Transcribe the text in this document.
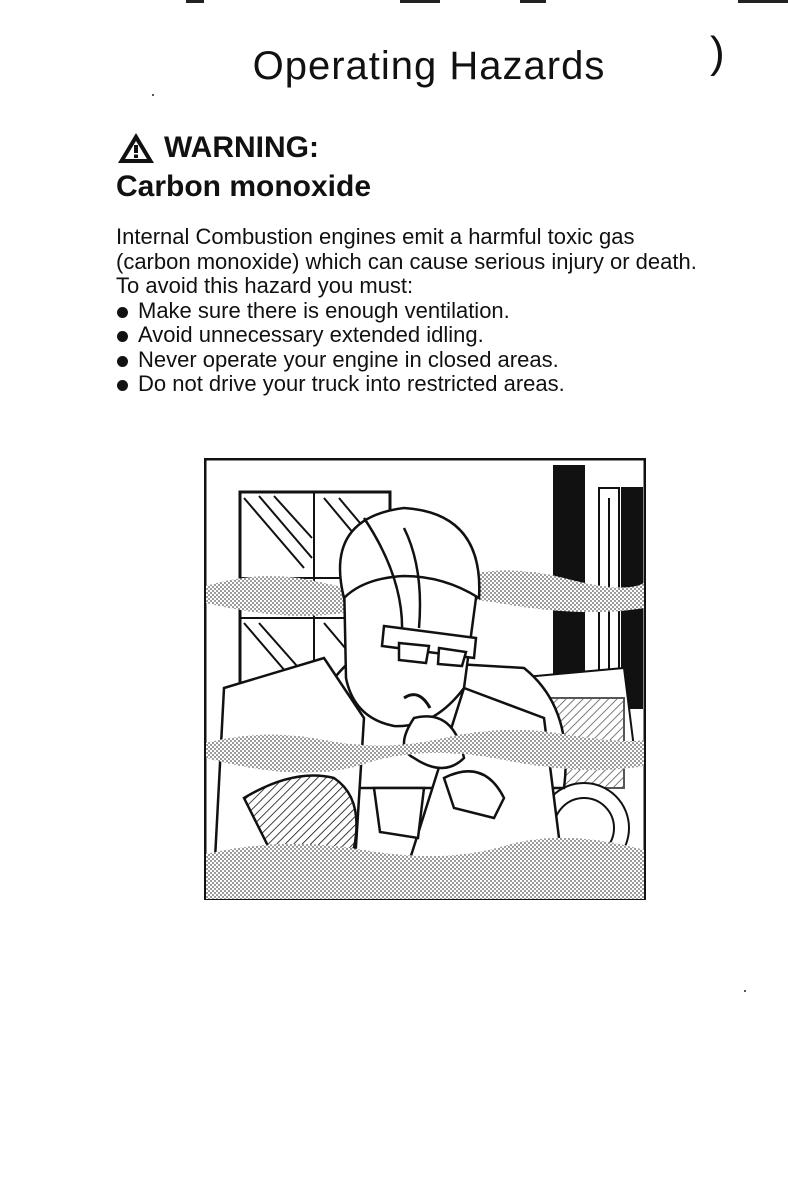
Operating Hazards	)
WARNING:
Carbon monoxide

Internal Combustion engines emit a harmful toxic gas

(carbon monoxide) which can cause serious injury or death.

To avoid this hazard you must:

Make sure there is enough ventilation.
Avoid unnecessary extended idling.
Never operate your engine in closed areas.
Do not drive your truck into restricted areas.
